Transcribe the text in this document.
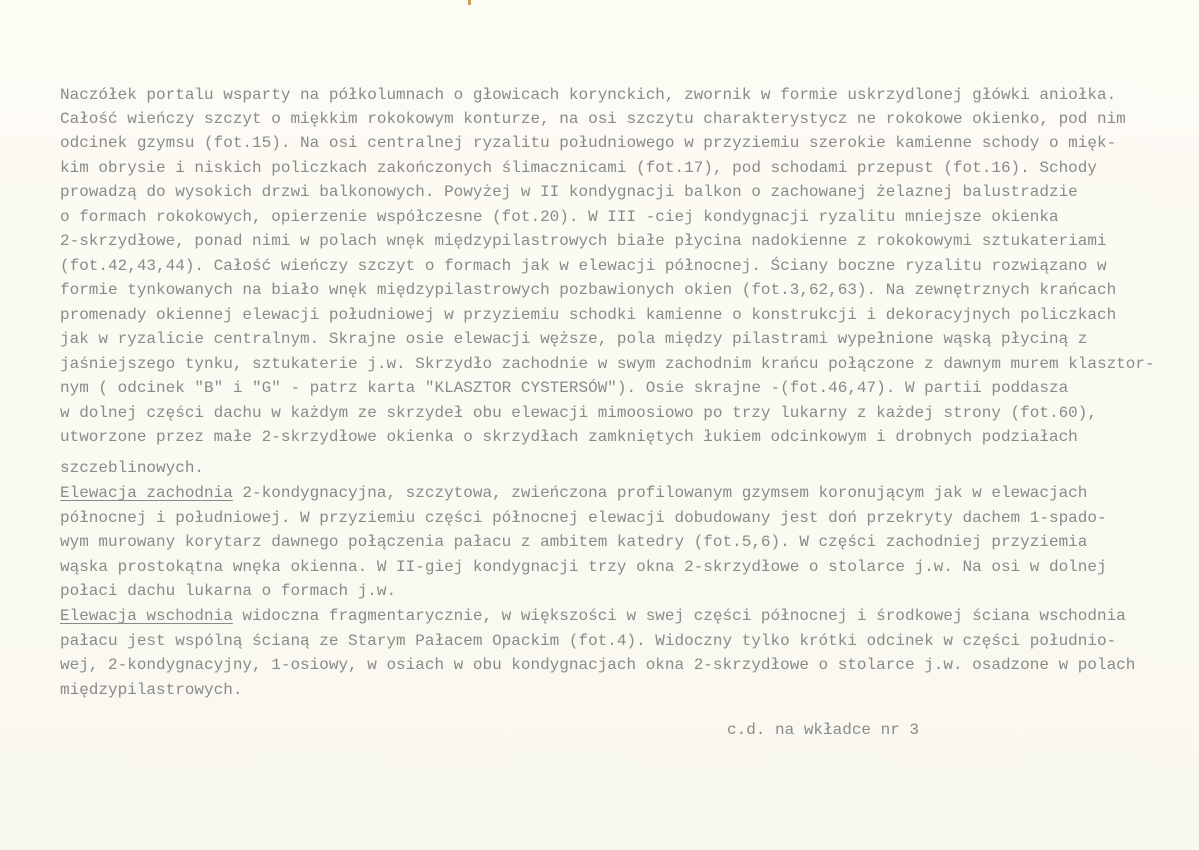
Naczółek portalu wsparty na półkolumnach o głowicach korynckich, zwornik w formie uskrzydlonej główki aniołka.
Całość wieńczy szczyt o miękkim rokokowym konturze, na osi szczytu charakterystycz ne rokokowe okienko, pod nim
odcinek gzymsu (fot.15). Na osi centralnej ryzalitu południowego w przyziemiu szerokie kamienne schody o mięk-
kim obrysie i niskich policzkach zakończonych ślimacznicami (fot.17), pod schodami przepust (fot.16). Schody
prowadzą do wysokich drzwi balkonowych. Powyżej w II kondygnacji balkon o zachowanej żelaznej balustradzie
o formach rokokowych, opierzenie współczesne (fot.20). W III -ciej kondygnacji ryzalitu mniejsze okienka
2-skrzydłowe, ponad nimi w polach wnęk międzypilastrowych białe płycina nadokienne z rokokowymi sztukateriami
(fot.42,43,44). Całość wieńczy szczyt o formach jak w elewacji północnej. Ściany boczne ryzalitu rozwiązano w
formie tynkowanych na biało wnęk międzypilastrowych pozbawionych okien (fot.3,62,63). Na zewnętrznych krańcach
promenady okiennej elewacji południowej w przyziemiu schodki kamienne o konstrukcji i dekoracyjnych policzkach
jak w ryzalicie centralnym. Skrajne osie elewacji węższe, pola między pilastrami wypełnione wąską płyciną z
jaśniejszego tynku, sztukaterie j.w. Skrzydło zachodnie w swym zachodnim krańcu połączone z dawnym murem klasztor-
nym ( odcinek "B" i "G" - patrz karta "KLASZTOR CYSTERSÓW"). Osie skrajne -(fot.46,47). W partii poddasza
w dolnej części dachu w każdym ze skrzydeł obu elewacji mimoosiowo po trzy lukarny z każdej strony (fot.60),
utworzone przez małe 2-skrzydłowe okienka o skrzydłach zamkniętych łukiem odcinkowym i drobnych podziałach
szczeblinowych.
Elewacja zachodnia 2-kondygnacyjna, szczytowa, zwieńczona profilowanym gzymsem koronującym jak w elewacjach
północnej i południowej. W przyziemiu części północnej elewacji dobudowany jest doń przekryty dachem 1-spado-
wym murowany korytarz dawnego połączenia pałacu z ambitem katedry (fot.5,6). W części zachodniej przyziemia
wąska prostokątna wnęka okienna. W II-giej kondygnacji trzy okna 2-skrzydłowe o stolarce j.w. Na osi w dolnej
połaci dachu lukarna o formach j.w.
Elewacja wschodnia widoczna fragmentarycznie, w większości w swej części północnej i środkowej ściana wschodnia
pałacu jest wspólną ścianą ze Starym Pałacem Opackim (fot.4). Widoczny tylko krótki odcinek w części południo-
wej, 2-kondygnacyjny, 1-osiowy, w osiach w obu kondygnacjach okna 2-skrzydłowe o stolarce j.w. osadzone w polach
międzypilastrowych.
c.d. na wkładce nr 3
